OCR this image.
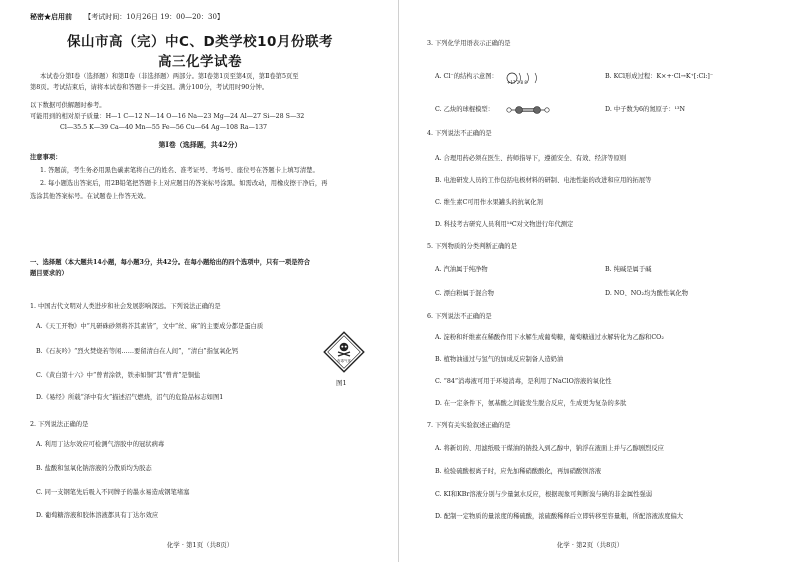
秘密★启用前 【考试时间：10月26日 19：00—20：30】
保山市高（完）中C、D类学校10月份联考
高三化学试卷
本试卷分第Ⅰ卷（选择题）和第Ⅱ卷（非选择题）两部分。第Ⅰ卷第1页至第4页，第Ⅱ卷第5页至
第8页。考试结束后，请将本试卷和答题卡一并交回。满分100分，考试用时90分钟。
以下数据可供解题时参考。
可能用到的相对原子质量：H—1 C—12 N—14 O—16 Na—23 Mg—24 Al—27 Si—28 S—32
Cl—35.5 K—39 Ca—40 Mn—55 Fe—56 Cu—64 Ag—108 Ra—137
第Ⅰ卷（选择题，共42分）
注意事项：
1. 答题前，考生务必用黑色碳素笔将自己的姓名、准考证号、考场号、座位号在答题卡上填写清楚。
2. 每小题选出答案后，用2B铅笔把答题卡上对应题目的答案标号涂黑。如需改动，用橡皮擦干净后，再
选涂其他答案标号。在试题卷上作答无效。
一、选择题（本大题共14小题，每小题3分，共42分。在每小题给出的四个选项中，只有一项是符合
题目要求的）
1. 中国古代文明对人类进步和社会发展影响深远。下列说法正确的是
A.《天工开物》中“凡研硃砂须将芥其素皆”，文中“丝、麻”的主要成分都是蛋白质
B.《石灰吟》“烈火焚烧若等闲……要留清白在人间”，“清白”指氢氧化钙
C.《黄白第十六》中“曾青涂铁，铁赤如铜”其“曾青”是铜盐
D.《易经》所载“泽中有火”描述沼气燃烧，沼气的危险品标志如图1
有毒气体
图1
2. 下列说法正确的是
A. 利用丁达尔效应可检测气溶胶中的冠状病毒
B. 盐酸和氢氧化钠溶液的分散质均为胶态
C. 同一支钢笔先后吸入不同牌子的墨水易造成钢笔堵塞
D. 葡萄糖溶液和胶体溶液都具有丁达尔效应
化学 · 第1页（共8页）
3. 下列化学用语表示正确的是
A. Cl⁻的结构示意图：	B. KCl形成过程：K×+·Cl→K⁺[:Cl:]⁻
C. 乙炔的球棍模型：	D. 中子数为6的氮原子：¹³N
4. 下列说法不正确的是
A. 合理用药必须在医生、药师指导下，遵循安全、有效、经济等原则
B. 电池研发人员的工作包括电极材料的研制、电池性能的改进和应用的拓展等
C. 维生素C可用作水果罐头的抗氧化剂
D. 科技考古研究人员利用¹⁴C对文物进行年代测定
5. 下列物质的分类判断正确的是
A. 汽油属于纯净物	B. 纯碱是属于碱
C. 漂白粉属于混合物	D. NO、NO₂均为酸性氧化物
6. 下列说法不正确的是
A. 淀粉和纤维素在稀酸作用下水解生成葡萄糖，葡萄糖通过水解转化为乙醇和CO₂
B. 植物油通过与氢气的加成反应制备人造奶油
C. “84”消毒液可用于环境消毒，是利用了NaClO溶液的氧化性
D. 在一定条件下，氨基酸之间能发生脱合反应，生成更为复杂的多肽
7. 下列有关实验叙述正确的是
A. 将新切的、用滤纸吸干煤油的钠投入到乙醇中，钠浮在液面上并与乙醇剧烈反应
B. 检验硫酸根离子时，应先加稀硝酸酸化，再加硝酸钡溶液
C. KI和KBr溶液分别与少量氯水反应，根据现象可判断溴与碘的非金属性强弱
D. 配制一定物质的量浓度的稀硫酸，浓硫酸稀释后立即转移至容量瓶，所配溶液浓度偏大
化学 · 第2页（共8页）
+17 2 8 8
